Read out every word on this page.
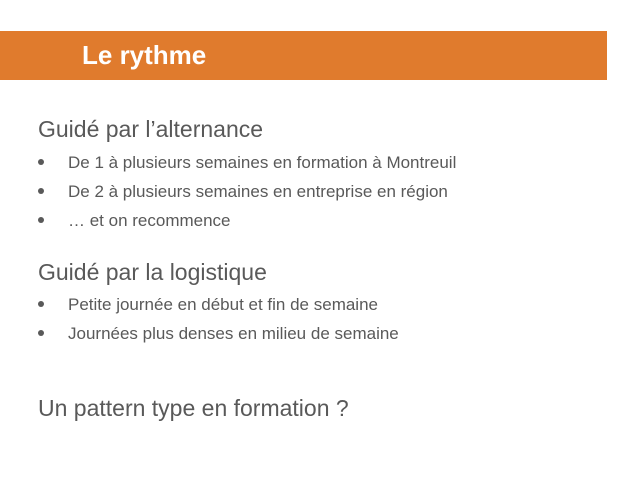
Le rythme
Guidé par l’alternance
De 1 à plusieurs semaines en formation à Montreuil
De 2 à plusieurs semaines en entreprise en région
… et on recommence
Guidé par la logistique
Petite journée en début et fin de semaine
Journées plus denses en milieu de semaine
Un pattern type en formation ?
